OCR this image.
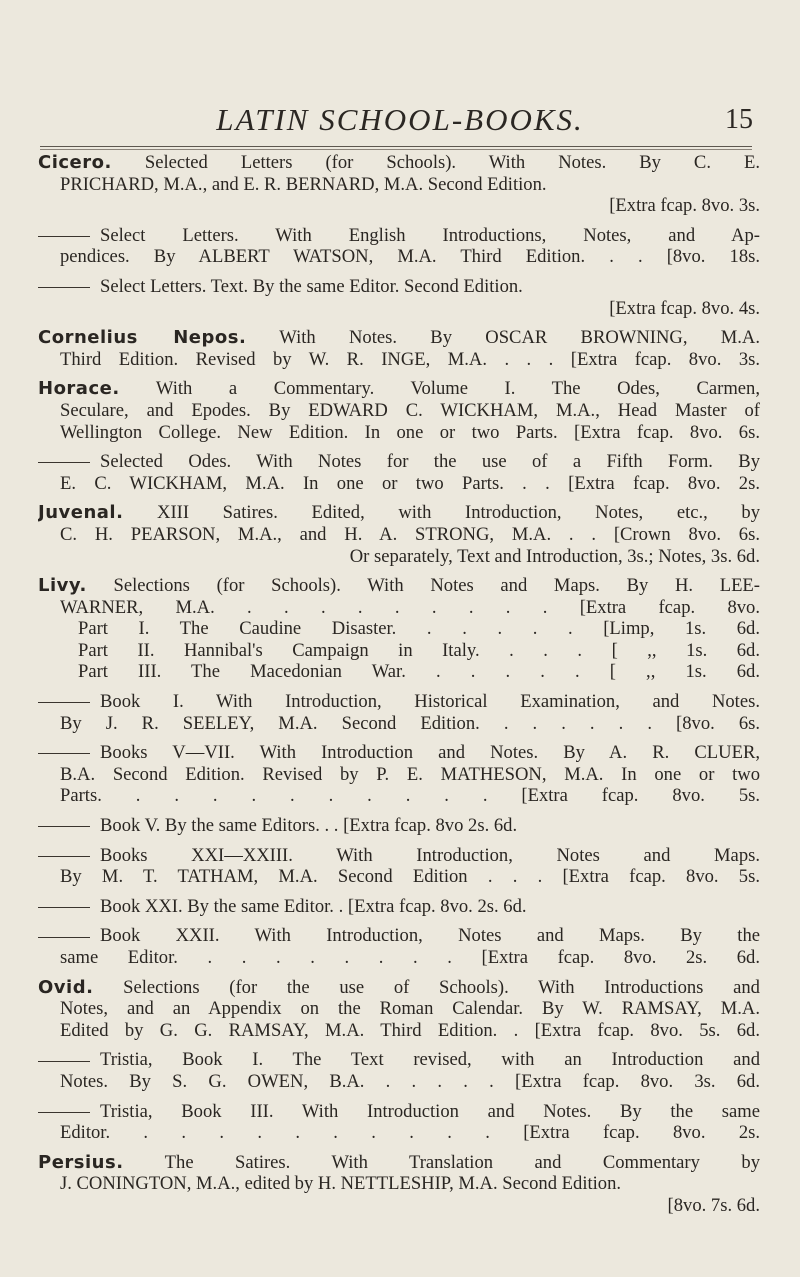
LATIN SCHOOL-BOOKS.	15
Cicero. Selected Letters (for Schools). With Notes. By C. E.
PRICHARD, M.A., and E. R. BERNARD, M.A. Second Edition.
[Extra fcap. 8vo. 3s.
Select Letters. With English Introductions, Notes, and Ap-
pendices. By ALBERT WATSON, M.A. Third Edition. . . [8vo. 18s.
Select Letters. Text. By the same Editor. Second Edition.
[Extra fcap. 8vo. 4s.
Cornelius Nepos. With Notes. By OSCAR BROWNING, M.A.
Third Edition. Revised by W. R. INGE, M.A. . . . [Extra fcap. 8vo. 3s.
Horace. With a Commentary. Volume I. The Odes, Carmen,
Seculare, and Epodes. By EDWARD C. WICKHAM, M.A., Head Master of
Wellington College. New Edition. In one or two Parts. [Extra fcap. 8vo. 6s.
Selected Odes. With Notes for the use of a Fifth Form. By
E. C. WICKHAM, M.A. In one or two Parts. . . [Extra fcap. 8vo. 2s.
Juvenal. XIII Satires. Edited, with Introduction, Notes, etc., by
C. H. PEARSON, M.A., and H. A. STRONG, M.A. . . [Crown 8vo. 6s.
Or separately, Text and Introduction, 3s.; Notes, 3s. 6d.
Livy. Selections (for Schools). With Notes and Maps. By H. LEE-
WARNER, M.A. . . . . . . . . . [Extra fcap. 8vo.
Part I. The Caudine Disaster. . . . . . [Limp, 1s. 6d.
Part II. Hannibal's Campaign in Italy. . . . [ ,, 1s. 6d.
Part III. The Macedonian War. . . . . . [ ,, 1s. 6d.
Book I. With Introduction, Historical Examination, and Notes.
By J. R. SEELEY, M.A. Second Edition. . . . . . . [8vo. 6s.
Books V—VII. With Introduction and Notes. By A. R. CLUER,
B.A. Second Edition. Revised by P. E. MATHESON, M.A. In one or two
Parts. . . . . . . . . . . [Extra fcap. 8vo. 5s.
Book V. By the same Editors. . . [Extra fcap. 8vo 2s. 6d.
Books XXI—XXIII. With Introduction, Notes and Maps.
By M. T. TATHAM, M.A. Second Edition . . . [Extra fcap. 8vo. 5s.
Book XXI. By the same Editor. . [Extra fcap. 8vo. 2s. 6d.
Book XXII. With Introduction, Notes and Maps. By the
same Editor. . . . . . . . . [Extra fcap. 8vo. 2s. 6d.
Ovid. Selections (for the use of Schools). With Introductions and
Notes, and an Appendix on the Roman Calendar. By W. RAMSAY, M.A.
Edited by G. G. RAMSAY, M.A. Third Edition. . [Extra fcap. 8vo. 5s. 6d.
Tristia, Book I. The Text revised, with an Introduction and
Notes. By S. G. OWEN, B.A. . . . . . [Extra fcap. 8vo. 3s. 6d.
Tristia, Book III. With Introduction and Notes. By the same
Editor. . . . . . . . . . . [Extra fcap. 8vo. 2s.
Persius. The Satires. With Translation and Commentary by
J. CONINGTON, M.A., edited by H. NETTLESHIP, M.A. Second Edition.
[8vo. 7s. 6d.
